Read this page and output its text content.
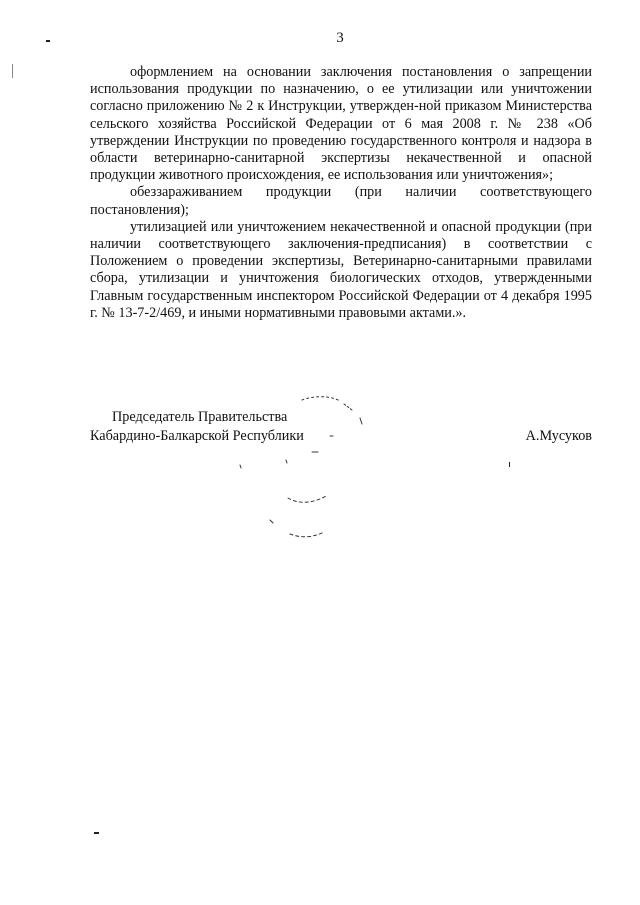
3

оформлением на основании заключения постановления о запрещении использования продукции по назначению, о ее утилизации или уничтожении согласно приложению № 2 к Инструкции, утвержден-ной приказом Министерства сельского хозяйства Российской Федерации от 6 мая 2008 г. № 238 «Об утверждении Инструкции по проведению государственного контроля и надзора в области ветеринарно-санитарной экспертизы некачественной и опасной продукции животного происхождения, ее использования или уничтожения»;

обеззараживанием продукции (при наличии соответствующего постановления);

утилизацией или уничтожением некачественной и опасной продукции (при наличии соответствующего заключения-предписания) в соответствии с Положением о проведении экспертизы, Ветеринарно-санитарными правилами сбора, утилизации и уничтожения биологических отходов, утвержденными Главным государственным инспектором Российской Федерации от 4 декабря 1995 г. № 13-7-2/469, и иными нормативными правовыми актами.».

Председатель Правительства
Кабардино-Балкарской Республики	А.Мусуков
